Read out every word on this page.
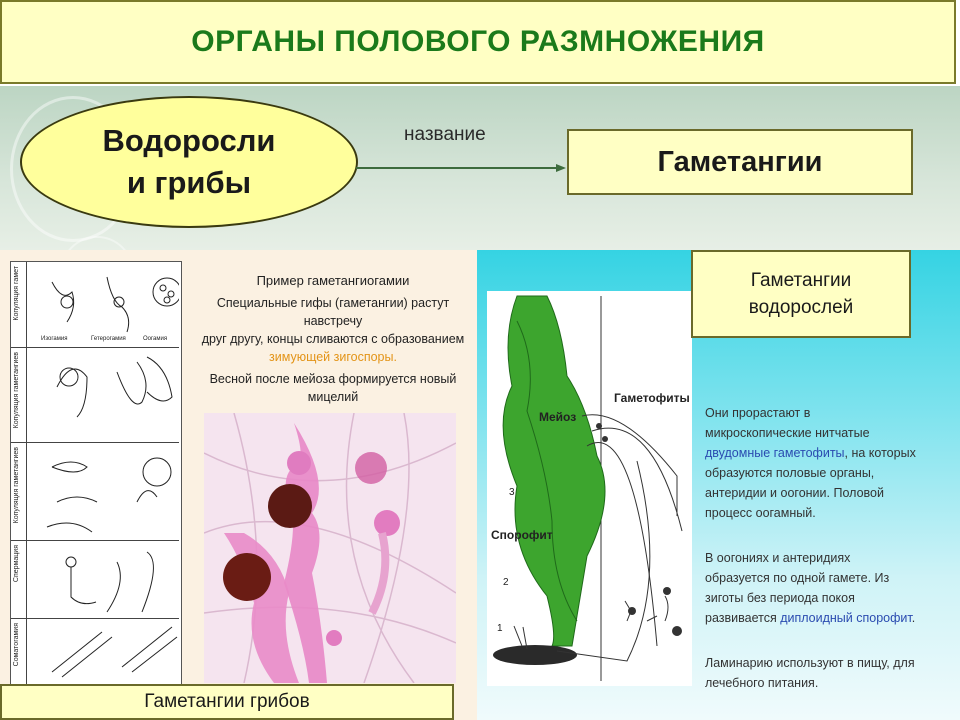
ОРГАНЫ ПОЛОВОГО РАЗМНОЖЕНИЯ
Водоросли
и грибы
название
Гаметангии
Копуляция гамет
Копуляция гаметангиев
Копуляция гаметангиев
Спермация
Соматогамия
Изогамия	Гетерогамия	Оогамия
Пример гаметангиогамии
Специальные гифы (гаметангии) растут навстречу
друг другу, концы сливаются с образованием
зимующей зигоспоры.
Весной после мейоза формируется новый
мицелий
Гаметангии грибов
Гаметофиты
Мейоз
Спорофит
3
2
1
Гаметангии
водорослей
Они прорастают в
микроскопические нитчатые
двудомные гаметофиты, на которых
образуются половые органы,
антеридии и оогонии. Половой
процесс оогамный.
В оогониях и антеридиях
образуется по одной гамете. Из
зиготы без периода покоя
развивается диплоидный спорофит.
Ламинарию используют в пищу, для
лечебного питания.
